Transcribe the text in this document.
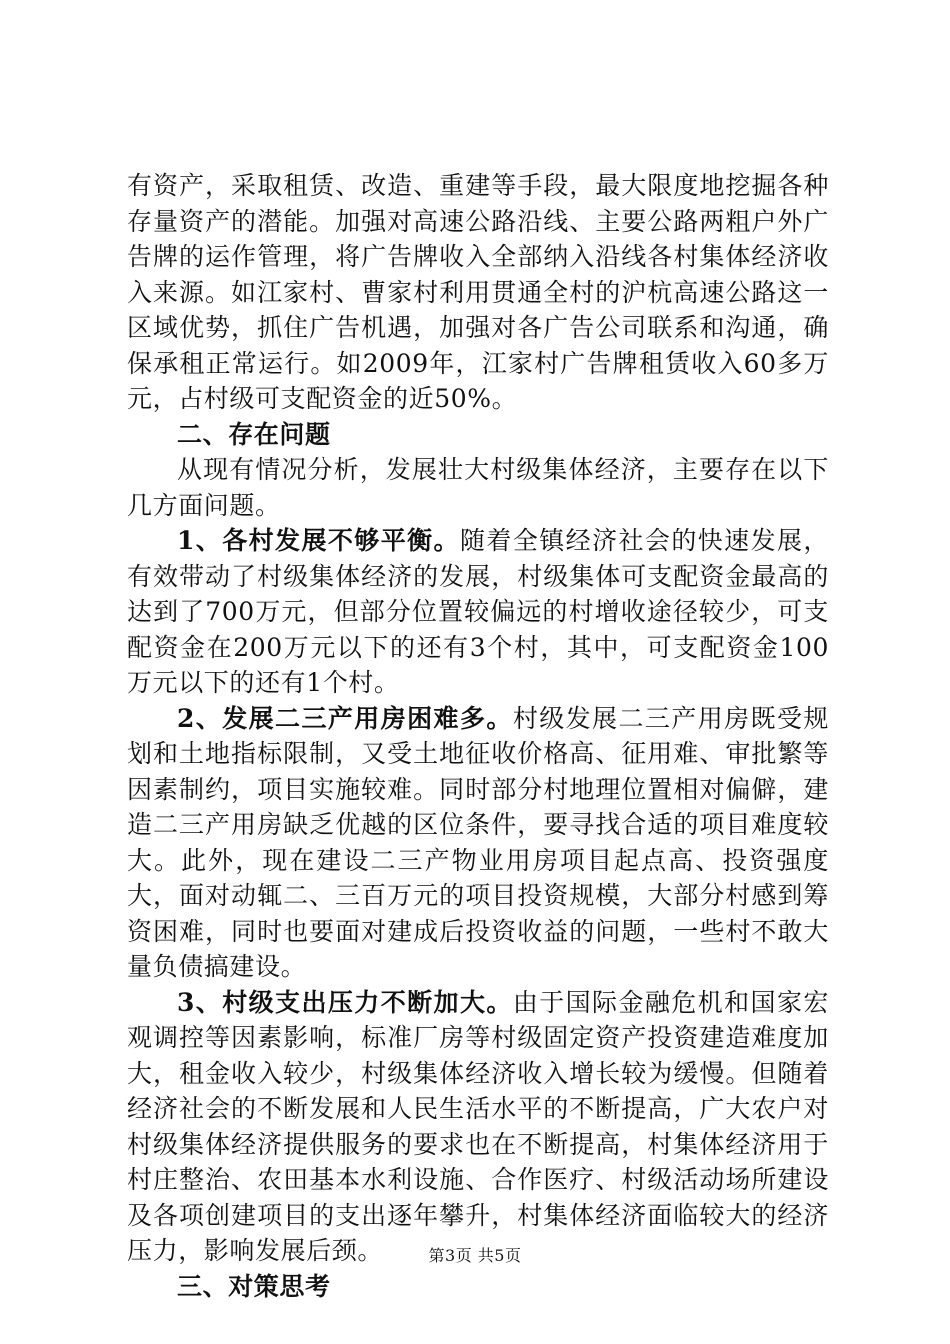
有资产，采取租赁、改造、重建等手段，最大限度地挖掘各种存量资产的潜能。加强对高速公路沿线、主要公路两粗户外广告牌的运作管理，将广告牌收入全部纳入沿线各村集体经济收入来源。如江家村、曹家村利用贯通全村的沪杭高速公路这一区域优势，抓住广告机遇，加强对各广告公司联系和沟通，确保承租正常运行。如2009年，江家村广告牌租赁收入60多万元，占村级可支配资金的近50%。

二、存在问题

从现有情况分析，发展壮大村级集体经济，主要存在以下几方面问题。

1、各村发展不够平衡。随着全镇经济社会的快速发展，有效带动了村级集体经济的发展，村级集体可支配资金最高的达到了700万元，但部分位置较偏远的村增收途径较少，可支配资金在200万元以下的还有3个村，其中，可支配资金100万元以下的还有1个村。

2、发展二三产用房困难多。村级发展二三产用房既受规划和土地指标限制，又受土地征收价格高、征用难、审批繁等因素制约，项目实施较难。同时部分村地理位置相对偏僻，建造二三产用房缺乏优越的区位条件，要寻找合适的项目难度较大。此外，现在建设二三产物业用房项目起点高、投资强度大，面对动辄二、三百万元的项目投资规模，大部分村感到筹资困难，同时也要面对建成后投资收益的问题，一些村不敢大量负债搞建设。

3、村级支出压力不断加大。由于国际金融危机和国家宏观调控等因素影响，标准厂房等村级固定资产投资建造难度加大，租金收入较少，村级集体经济收入增长较为缓慢。但随着经济社会的不断发展和人民生活水平的不断提高，广大农户对村级集体经济提供服务的要求也在不断提高，村集体经济用于村庄整治、农田基本水利设施、合作医疗、村级活动场所建设及各项创建项目的支出逐年攀升，村集体经济面临较大的经济压力，影响发展后颈。

三、对策思考

第3页 共5页
